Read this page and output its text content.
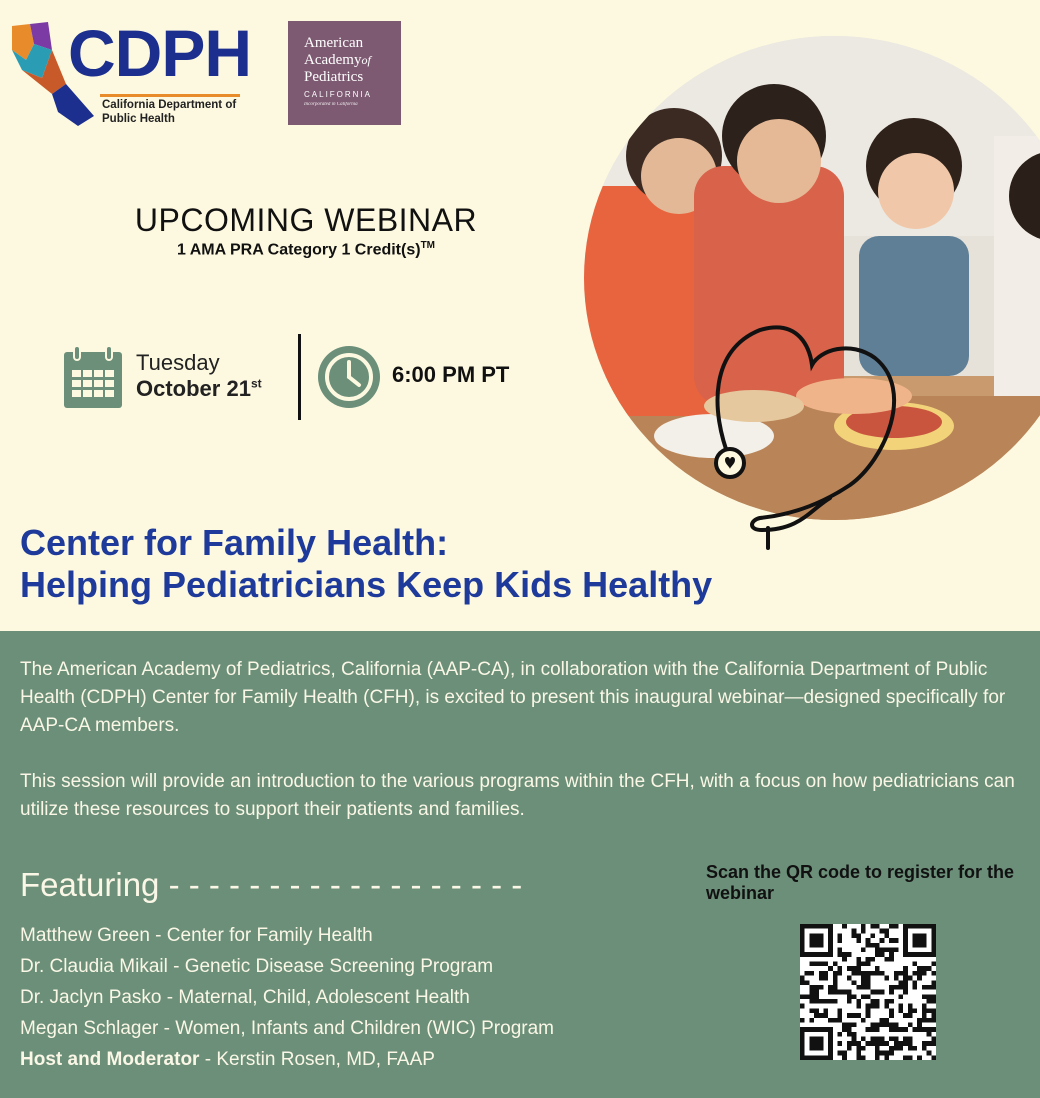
CDPH
California Department of
Public Health
American
Academyof
Pediatrics
CALIFORNIA
Incorporated in California
UPCOMING WEBINAR
1 AMA PRA Category 1 Credit(s)™
Tuesday
October 21st	6:00 PM PT
Center for Family Health:
Helping Pediatricians Keep Kids Healthy

The American Academy of Pediatrics, California (AAP-CA), in collaboration with the California Department of Public Health (CDPH) Center for Family Health (CFH), is excited to present this inaugural webinar—designed specifically for AAP-CA members.

This session will provide an introduction to the various programs within the CFH, with a focus on how pediatricians can utilize these resources to support their patients and families.

Featuring - - - - - - - - - - - - - - - - - -
Matthew Green - Center for Family Health
Dr. Claudia Mikail - Genetic Disease Screening Program
Dr. Jaclyn Pasko - Maternal, Child, Adolescent Health
Megan Schlager - Women, Infants and Children (WIC) Program
Host and Moderator - Kerstin Rosen, MD, FAAP
Scan the QR code to register for the webinar
